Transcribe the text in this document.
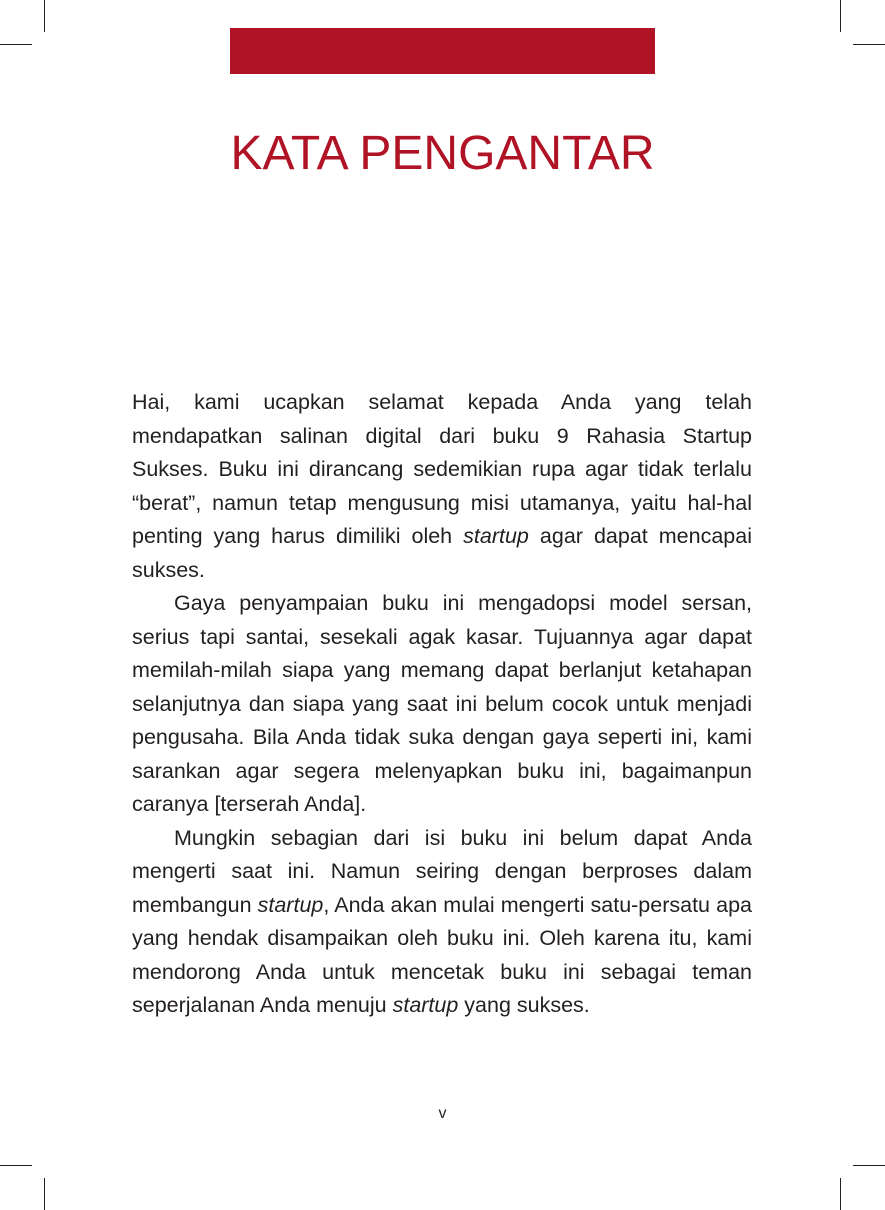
KATA PENGANTAR

Hai, kami ucapkan selamat kepada Anda yang telah mendapatkan salinan digital dari buku 9 Rahasia Startup Sukses. Buku ini dirancang sedemikian rupa agar tidak terlalu “berat”, namun tetap mengusung misi utamanya, yaitu hal-hal penting yang harus dimiliki oleh startup agar dapat mencapai sukses.

Gaya penyampaian buku ini mengadopsi model sersan, serius tapi santai, sesekali agak kasar. Tujuannya agar dapat memilah-milah siapa yang memang dapat berlanjut ketahapan selanjutnya dan siapa yang saat ini belum cocok untuk menjadi pengusaha. Bila Anda tidak suka dengan gaya seperti ini, kami sarankan agar segera melenyapkan buku ini, bagaimanpun caranya [terserah Anda].

Mungkin sebagian dari isi buku ini belum dapat Anda mengerti saat ini. Namun seiring dengan berproses dalam membangun startup, Anda akan mulai mengerti satu-persatu apa yang hendak disampaikan oleh buku ini. Oleh karena itu, kami mendorong Anda untuk mencetak buku ini sebagai teman seperjalanan Anda menuju startup yang sukses.

v
